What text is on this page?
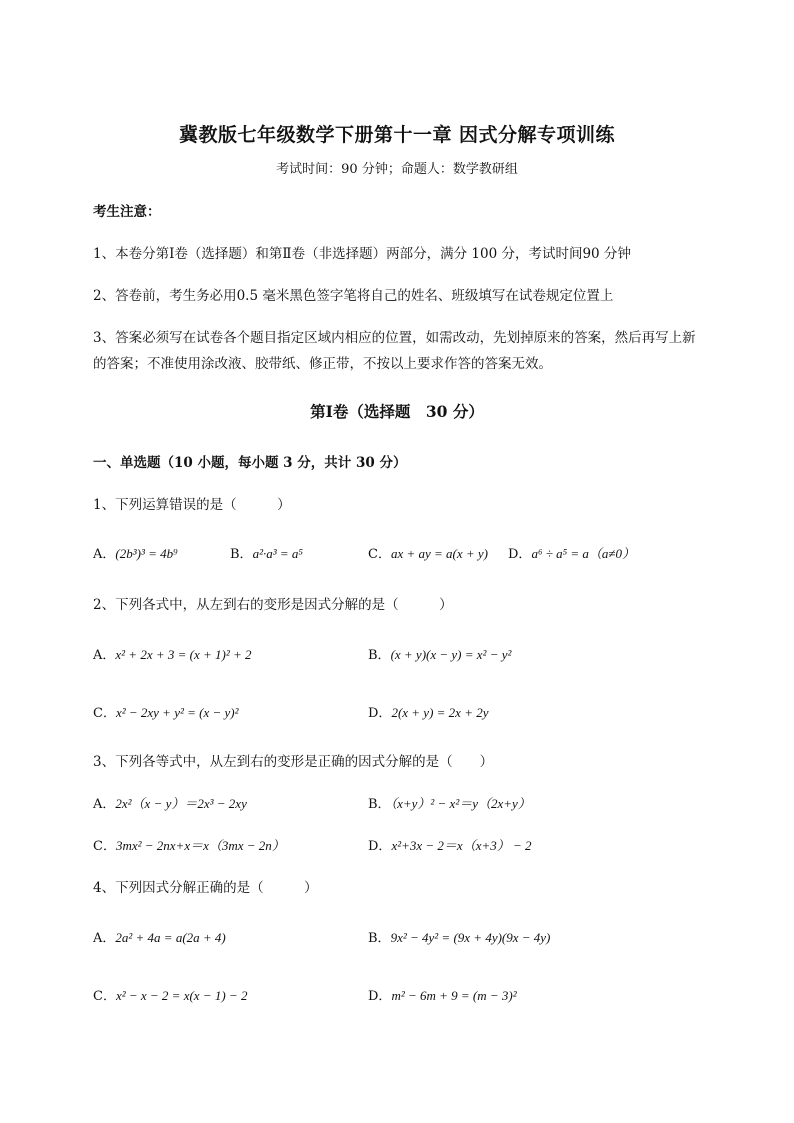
冀教版七年级数学下册第十一章 因式分解专项训练
考试时间：90 分钟；命题人：数学教研组
考生注意：
1、本卷分第Ⅰ卷（选择题）和第Ⅱ卷（非选择题）两部分，满分 100 分，考试时间90 分钟
2、答卷前，考生务必用0.5 毫米黑色签字笔将自己的姓名、班级填写在试卷规定位置上
3、答案必须写在试卷各个题目指定区域内相应的位置，如需改动，先划掉原来的答案，然后再写上新
的答案；不准使用涂改液、胶带纸、修正带，不按以上要求作答的答案无效。
第Ⅰ卷（选择题　30 分）
一、单选题（10 小题，每小题 3 分，共计 30 分）
1、下列运算错误的是（　　　）
A．(2b³)³ = 4b⁹	B．a²·a³ = a⁵	C．ax + ay = a(x + y) D．a⁶ ÷ a⁵ = a（a≠0）
2、下列各式中，从左到右的变形是因式分解的是（　　　）
A．x² + 2x + 3 = (x + 1)² + 2	B．(x + y)(x − y) = x² − y²
C．x² − 2xy + y² = (x − y)²	D．2(x + y) = 2x + 2y
3、下列各等式中，从左到右的变形是正确的因式分解的是（　　）
A．2x²（x − y）＝2x³ − 2xy	B．（x+y）² − x²＝y（2x+y）
C．3mx² − 2nx+x＝x（3mx − 2n）	D．x²+3x − 2＝x（x+3） − 2
4、下列因式分解正确的是（　　　）
A．2a² + 4a = a(2a + 4)	B．9x² − 4y² = (9x + 4y)(9x − 4y)
C．x² − x − 2 = x(x − 1) − 2	D．m² − 6m + 9 = (m − 3)²
